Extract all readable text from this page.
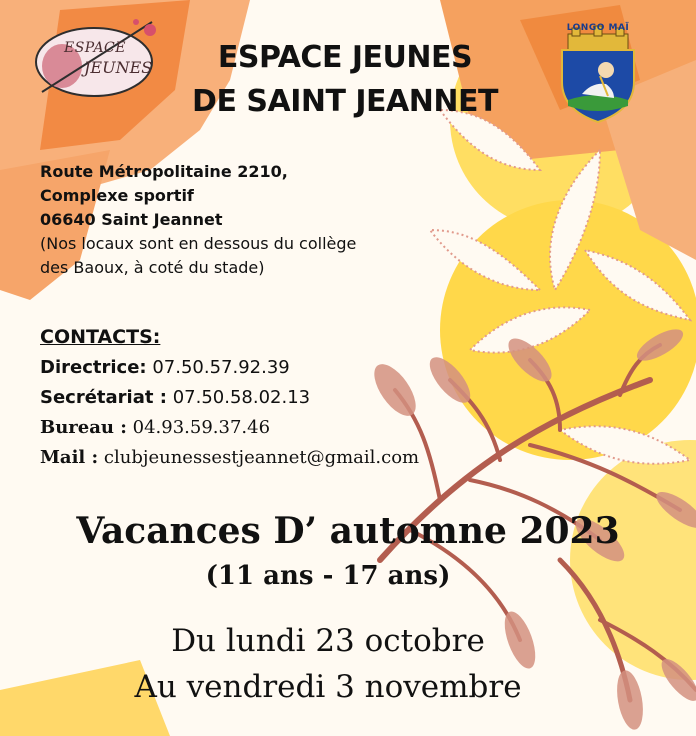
ESPACE
JEUNES	ESPACE JEUNES
DE SAINT JEANNET
LONGO MAÏ
Route Métropolitaine 2210,
Complexe sportif
06640 Saint Jeannet
(Nos locaux sont en dessous du collège
des Baoux, à coté du stade)
CONTACTS:
Directrice: 07.50.57.92.39
Secrétariat : 07.50.58.02.13
Bureau : 04.93.59.37.46
Mail : clubjeunessestjeannet@gmail.com
Vacances D’ automne 2023
(11 ans - 17 ans)
Du lundi 23 octobre
Au vendredi 3 novembre
